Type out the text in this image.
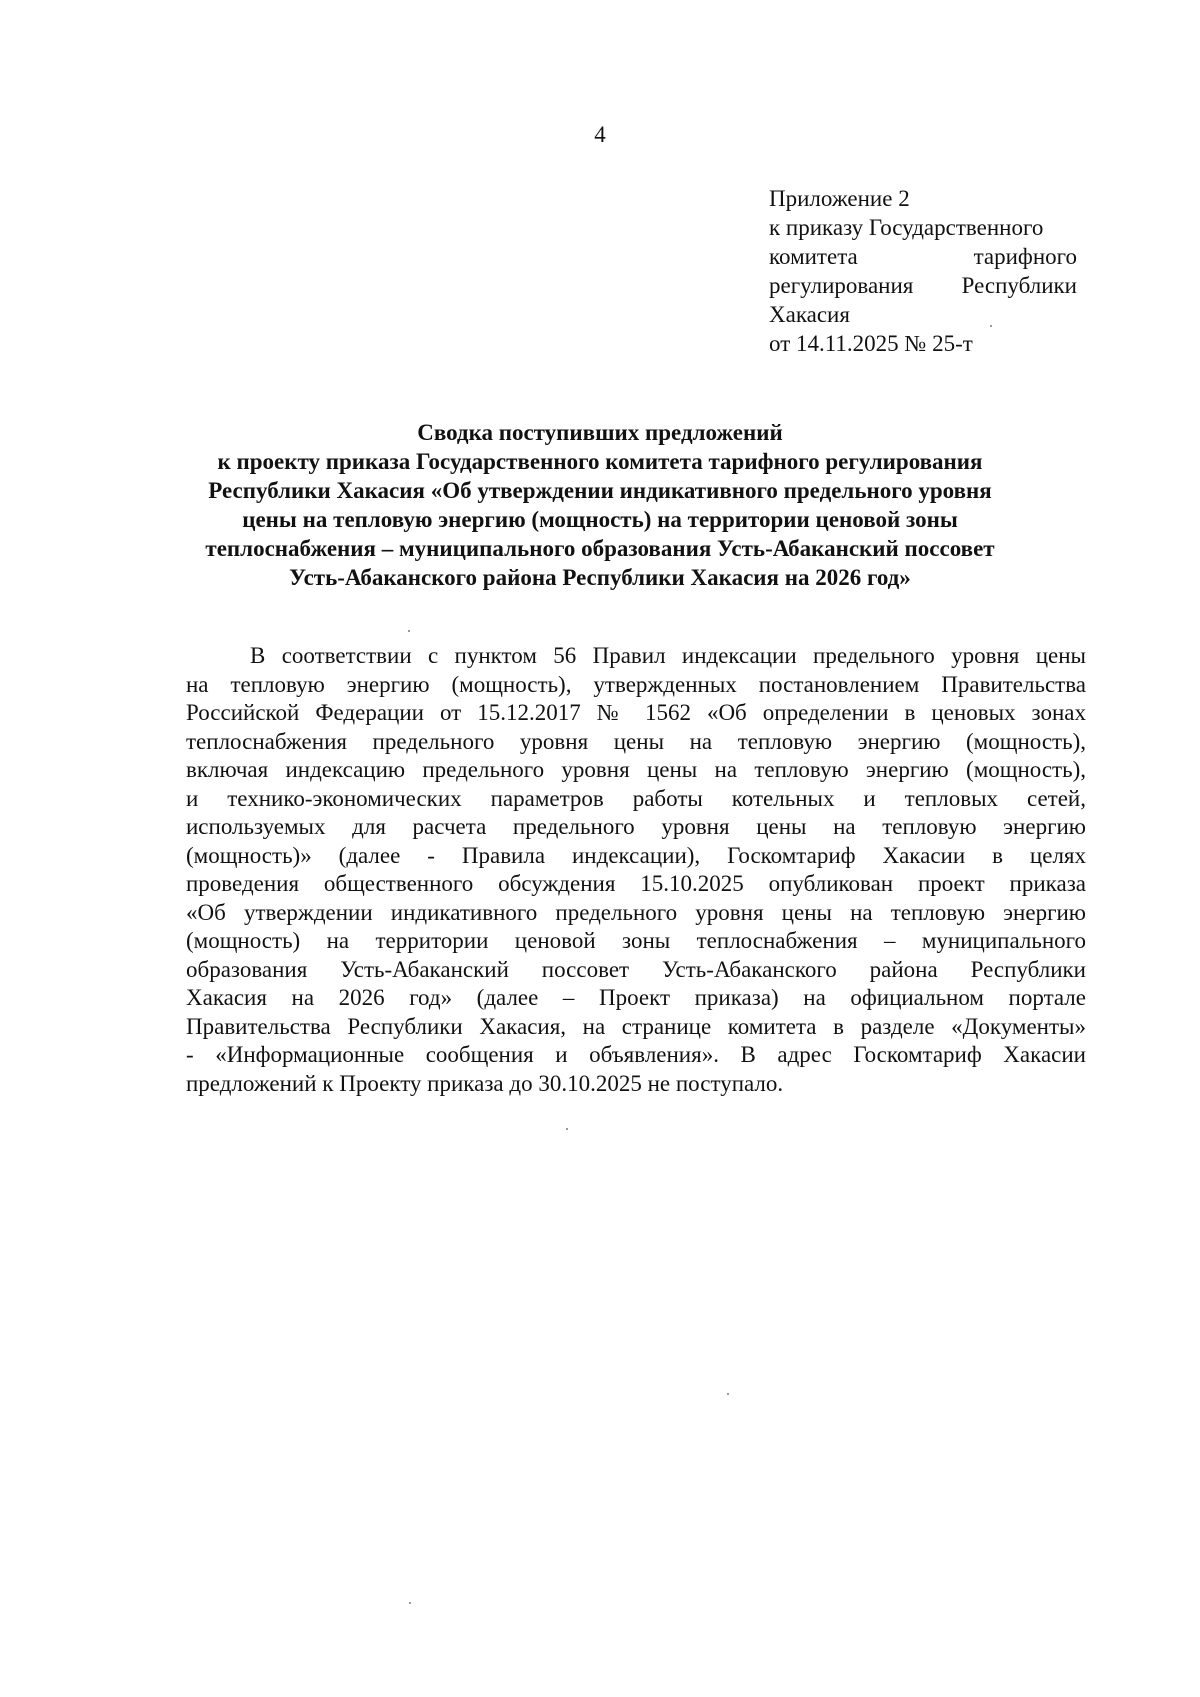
4
Приложение 2
к приказу Государственного
комитета тарифного
регулирования Республики
Хакасия
от 14.11.2025 № 25-т
Сводка поступивших предложений
к проекту приказа Государственного комитета тарифного регулирования
Республики Хакасия «Об утверждении индикативного предельного уровня
цены на тепловую энергию (мощность) на территории ценовой зоны
теплоснабжения – муниципального образования Усть-Абаканский поссовет
Усть-Абаканского района Республики Хакасия на 2026 год»
В соответствии с пунктом 56 Правил индексации предельного уровня цены
на тепловую энергию (мощность), утвержденных постановлением Правительства
Российской Федерации от 15.12.2017 № 1562 «Об определении в ценовых зонах
теплоснабжения предельного уровня цены на тепловую энергию (мощность),
включая индексацию предельного уровня цены на тепловую энергию (мощность),
и технико-экономических параметров работы котельных и тепловых сетей,
используемых для расчета предельного уровня цены на тепловую энергию
(мощность)» (далее - Правила индексации), Госкомтариф Хакасии в целях
проведения общественного обсуждения 15.10.2025 опубликован проект приказа
«Об утверждении индикативного предельного уровня цены на тепловую энергию
(мощность) на территории ценовой зоны теплоснабжения – муниципального
образования Усть-Абаканский поссовет Усть-Абаканского района Республики
Хакасия на 2026 год» (далее – Проект приказа) на официальном портале
Правительства Республики Хакасия, на странице комитета в разделе «Документы»
- «Информационные сообщения и объявления». В адрес Госкомтариф Хакасии
предложений к Проекту приказа до 30.10.2025 не поступало.
